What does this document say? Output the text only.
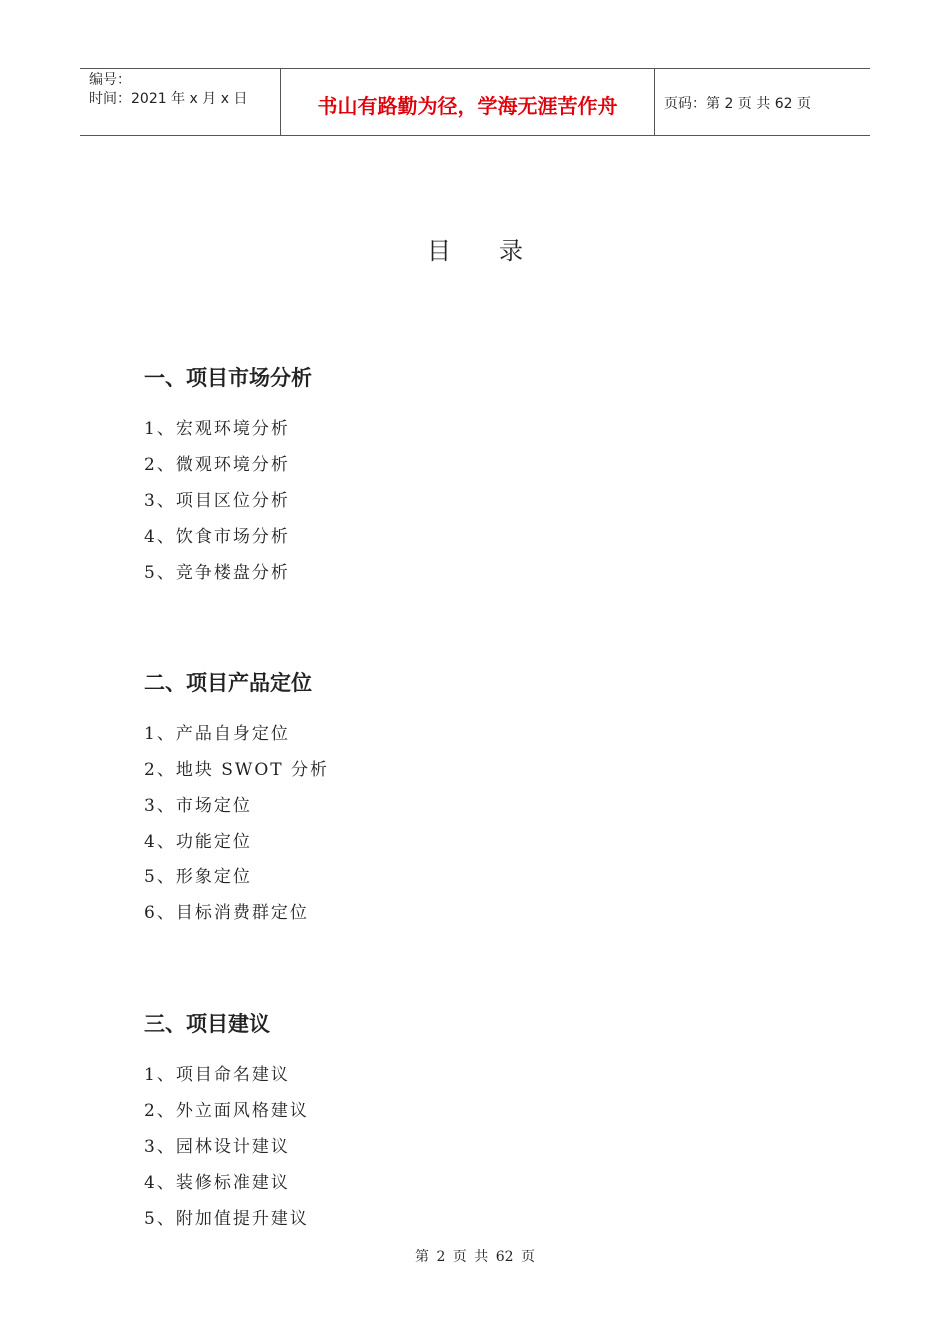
编号：
时间：2021 年 x 月 x 日	书山有路勤为径，学海无涯苦作舟	页码：第 2 页 共 62 页
目录
一、项目市场分析
1、宏观环境分析
2、微观环境分析
3、项目区位分析
4、饮食市场分析
5、竞争楼盘分析
二、项目产品定位
1、产品自身定位
2、地块 SWOT 分析
3、市场定位
4、功能定位
5、形象定位
6、目标消费群定位
三、项目建议
1、项目命名建议
2、外立面风格建议
3、园林设计建议
4、装修标准建议
5、附加值提升建议
第 2 页 共 62 页
